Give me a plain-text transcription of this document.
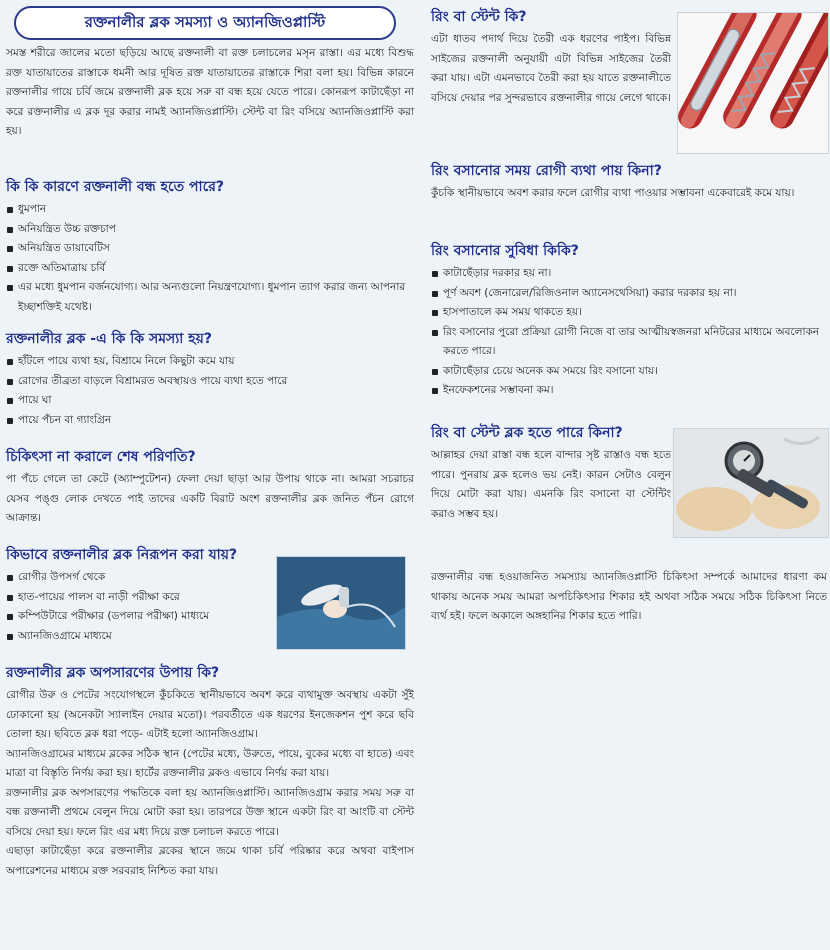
রক্তনালীর ব্লক সমস্যা ও অ্যানজিওপ্লাস্টি

সমস্ত শরীরে জালের মতো ছড়িয়ে আছে রক্তনালী বা রক্ত চলাচলের মসৃন রাস্তা। এর মধ্যে বিশুদ্ধ রক্ত যাতায়াতের রাস্তাকে ধমনী আর দূষিত রক্ত যাতায়াতের রাস্তাকে শিরা বলা হয়। বিভিন্ন কারনে রক্তনালীর গায়ে চর্বি জমে রক্তনালী ব্লক হয়ে সরু বা বন্ধ হয়ে যেতে পারে। কোনরূপ কাটাছেঁড়া না করে রক্তনালীর এ ব্লক দূর করার নামই অ্যানজিওপ্লাস্টি। স্টেন্ট বা রিং বসিয়ে অ্যানজিওপ্লাস্টি করা হয়।

কি কি কারণে রক্তনালী বন্ধ হতে পারে?
ধুমপান
অনিয়ন্ত্রিত উচ্চ রক্তচাপ
অনিয়ন্ত্রিত ডায়াবেটিস
রক্তে অতিমাত্রায় চর্বি
এর মধ্যে ধুমপান বর্জনযোগ্য। আর অন্যগুলো নিয়ন্ত্রণযোগ্য। ধুমপান ত্যাগ করার জন্য আপনার ইচ্ছাশক্তিই যথেষ্ট।
রক্তনালীর ব্লক -এ কি কি সমস্যা হয়?
হাঁটলে পায়ে ব্যথা হয়, বিশ্রামে নিলে কিছুটা কমে যায়
রোগের তীব্রতা বাড়লে বিশ্রামরত অবস্থায়ও পায়ে ব্যথা হতে পারে
পায়ে ঘা
পায়ে পঁচন বা গ্যাংগ্রিন
চিকিৎসা না করালে শেষ পরিণতি?

পা পঁচে গেলে তা কেটে (অ্যাম্পুটেশন) ফেলা দেয়া ছাড়া আর উপায় থাকে না। আমরা সচরাচর যেসব পঙ্গু লোক দেখতে পাই তাদের একটি বিরাট অংশ রক্তনালীর ব্লক জনিত পঁচন রোগে আক্রান্ত।

কিভাবে রক্তনালীর ব্লক নিরূপন করা যায়?
রোগীর উপসর্গ থেকে
হাত-পায়ের পালস বা নাড়ী পরীক্ষা করে
কম্পিউটারে পরীক্ষার (ডপলার পরীক্ষা) মাধ্যমে
অ্যানজিওগ্রামে মাধ্যমে
রক্তনালীর ব্লক অপসারণের উপায় কি?

রোগীর উরু ও পেটের সংযোগস্থলে কুঁচকিতে স্থানীয়ভাবে অবশ করে ব্যথামুক্ত অবস্থায় একটা সুঁই ঢোকানো হয় (অনেকটা স্যালাইন দেয়ার মতো)। পরবর্তীতে এক ধরণের ইনজেকশন পুশ করে ছবি তোলা হয়। ছবিতে ব্লক ধরা পড়ে- এটাই হলো অ্যানজিওগ্রাম।

অ্যানজিওগ্রামের মাধ্যমে ব্লকের সঠিক স্থান (পেটের মধ্যে, উরুতে, পায়ে, বুকের মধ্যে বা হাতে) এবং মাত্রা বা বিস্তৃতি নির্ণয় করা হয়। হার্টের রক্তনালীর ব্লকও এভাবে নির্ণয় করা যায়।

রক্তনালীর ব্লক অপসারণের পদ্ধতিকে বলা হয় অ্যানজিওপ্লাস্টি। অ্যানজিওগ্রাম করার সময় সরু বা বন্ধ রক্তনালী প্রথমে বেলুন দিয়ে মোটা করা হয়। তারপরে উক্ত স্থানে একটা রিং বা আংটি বা স্টেন্ট বসিয়ে দেয়া হয়। ফলে রিং এর মধ্য দিয়ে রক্ত চলাচল করতে পারে।

এছাড়া কাটাছেঁড়া করে রক্তনালীর ব্লকের স্থানে জমে থাকা চর্বি পরিষ্কার করে অথবা বাইপাস অপারেশনের মাধ্যমে রক্ত সরবরাহ নিশ্চিত করা যায়।

রিং বা স্টেন্ট কি?

এটা ধাতব পদার্থ দিয়ে তৈরী এক ধরণের পাইপ। বিভিন্ন সাইজের রক্তনালী অনুযায়ী এটা বিভিন্ন সাইজের তৈরী করা যায়। এটা এমনভাবে তৈরী করা হয় যাতে রক্তনালীতে বসিয়ে দেয়ার পর সুন্দরভাবে রক্তনালীর গায়ে লেগে থাকে।

রিং বসানোর সময় রোগী ব্যথা পায় কিনা?

কুঁচকি স্থানীয়ভাবে অবশ করার ফলে রোগীর ব্যথা পাওয়ার সম্ভাবনা একেবারেই কমে যায়।

রিং বসানোর সুবিধা কিকি?
কাটাছেঁড়ার দরকার হয় না।
পূর্ণ অবশ (জেনারেল/রিজিওনাল অ্যানেসথেসিয়া) করার দরকার হয় না।
হাসপাতালে কম সময় থাকতে হয়।
রিং বসানোর পুরো প্রক্রিয়া রোগী নিজে বা তার আত্মীয়স্বজনরা মনিটরের মাধ্যমে অবলোকন করতে পারে।
কাটাছেঁড়ার চেয়ে অনেক কম সময়ে রিং বসানো যায়।
ইনফেকশনের সম্ভাবনা কম।
রিং বা স্টেন্ট ব্লক হতে পারে কিনা?

আল্লাহর দেয়া রাস্তা বন্ধ হলে বান্দার সৃষ্ট রাস্তাও বন্ধ হতে পারে। পুনরায় ব্লক হলেও ভয় নেই। কারন সেটাও বেলুন দিয়ে মোটা করা যায়। এমনকি রিং বসানো বা স্টেন্টিং করাও সম্ভব হয়।

রক্তনালীর বন্ধ হওয়াজনিত সমস্যায় অ্যানজিওপ্লাস্টি চিকিৎসা সম্পর্কে আমাদের ধারণা কম থাকায় অনেক সময় আমরা অপচিকিৎসার শিকার হই অথবা সঠিক সময়ে সঠিক চিকিৎসা নিতে ব্যর্থ হই। ফলে অকালে অঙ্গহানির শিকার হতে পারি।
